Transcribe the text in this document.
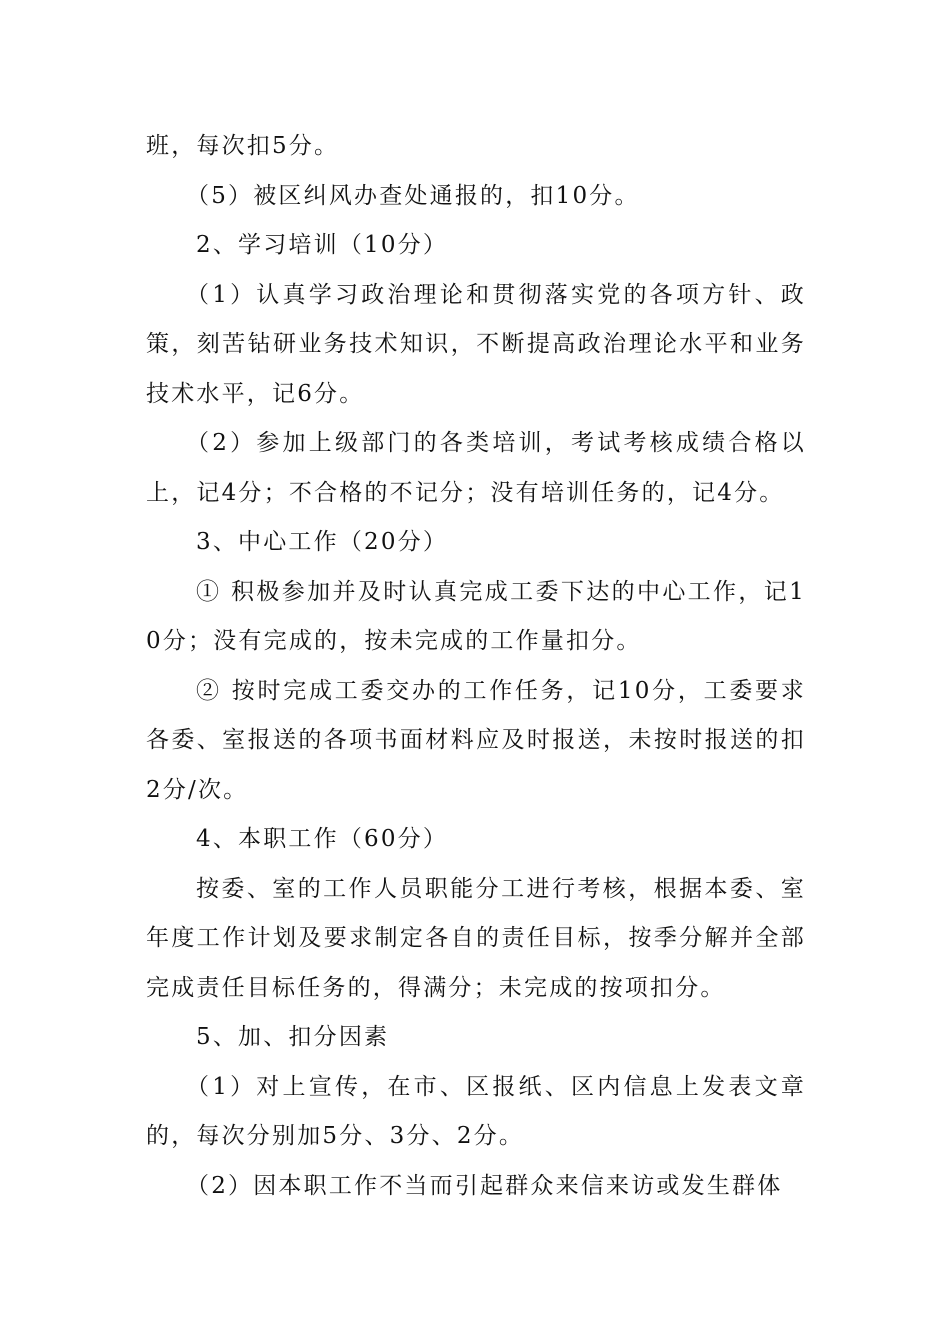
班，每次扣5分。

（5）被区纠风办查处通报的，扣10分。

2、学习培训（10分）

（1）认真学习政治理论和贯彻落实党的各项方针、政策，刻苦钻研业务技术知识，不断提高政治理论水平和业务技术水平，记6分。

（2）参加上级部门的各类培训，考试考核成绩合格以上，记4分；不合格的不记分；没有培训任务的，记4分。

3、中心工作（20分）

① 积极参加并及时认真完成工委下达的中心工作，记10分；没有完成的，按未完成的工作量扣分。

② 按时完成工委交办的工作任务，记10分，工委要求各委、室报送的各项书面材料应及时报送，未按时报送的扣2分/次。

4、本职工作（60分）

按委、室的工作人员职能分工进行考核，根据本委、室年度工作计划及要求制定各自的责任目标，按季分解并全部完成责任目标任务的，得满分；未完成的按项扣分。

5、加、扣分因素

（1）对上宣传，在市、区报纸、区内信息上发表文章的，每次分别加5分、3分、2分。

（2）因本职工作不当而引起群众来信来访或发生群体
